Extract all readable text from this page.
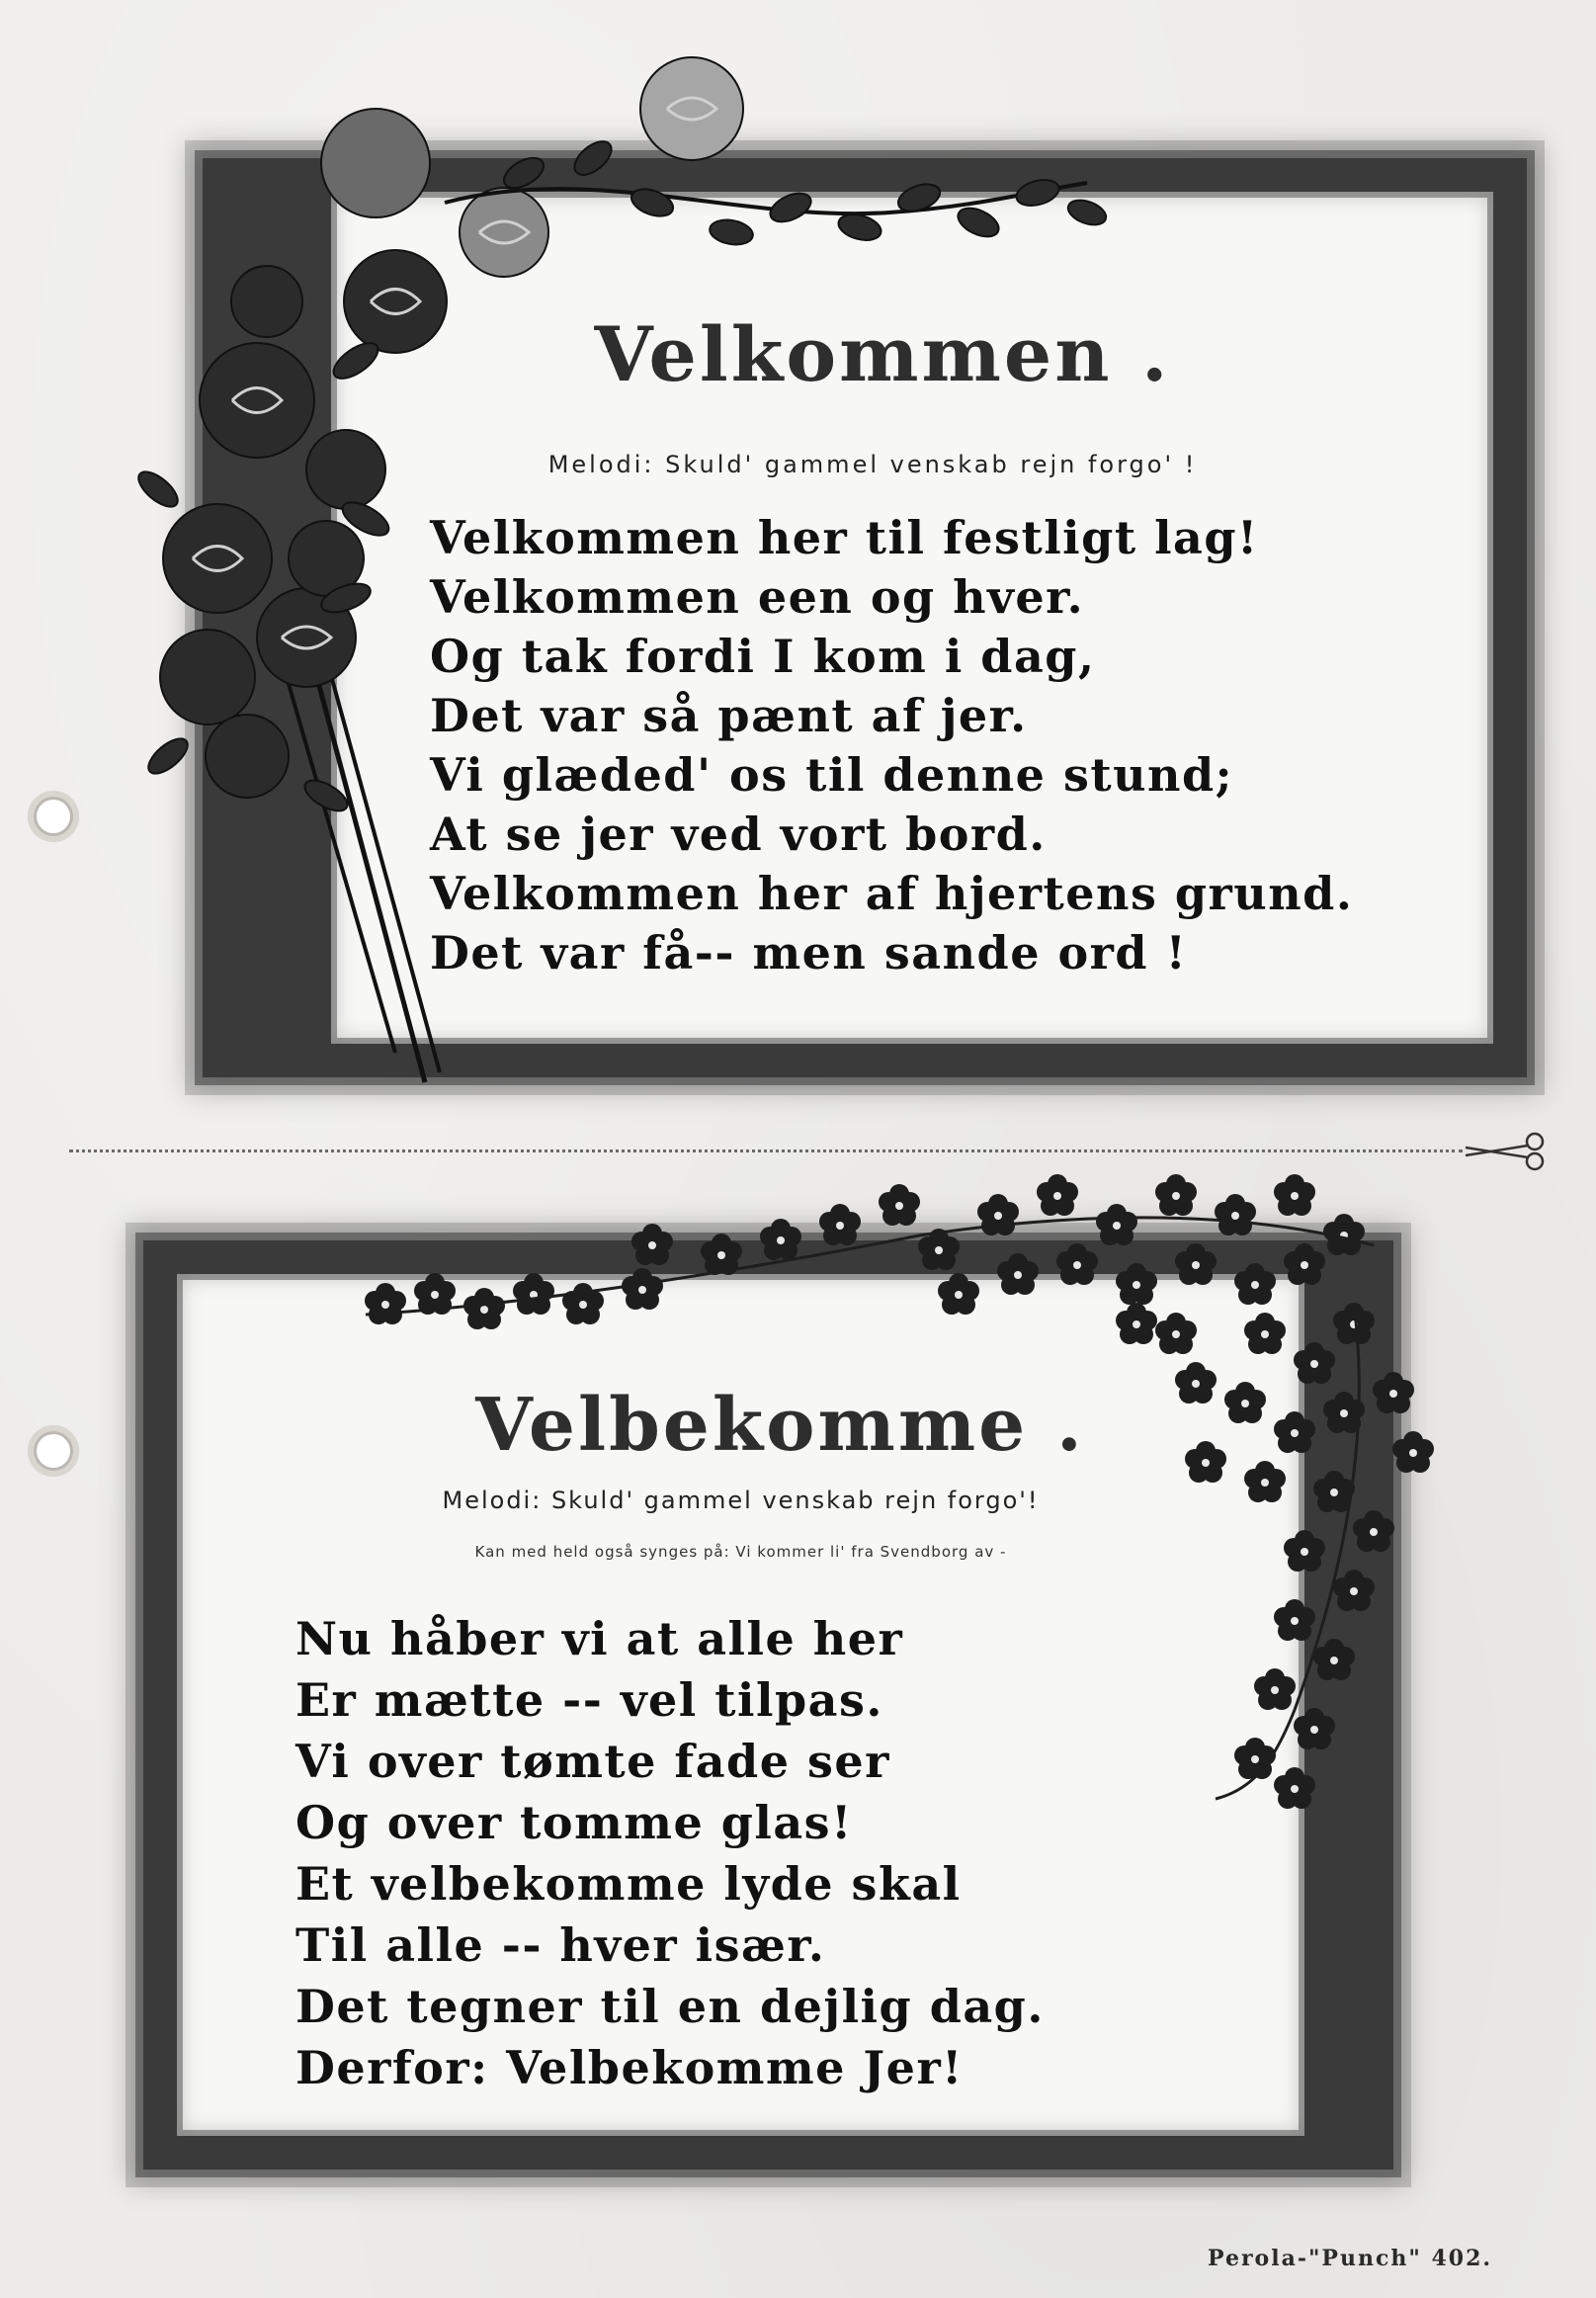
Velkommen .
Melodi: Skuld' gammel venskab rejn forgo' !

Velkommen her til festligt lag!

Velkommen een og hver.

Og tak fordi I kom i dag,

Det var så pænt af jer.

Vi glæded' os til denne stund;

At se jer ved vort bord.

Velkommen her af hjertens grund.

Det var få-- men sande ord !

Velbekomme .
Melodi: Skuld' gammel venskab rejn forgo'!
Kan med held også synges på: Vi kommer li' fra Svendborg av -

Nu håber vi at alle her

Er mætte -- vel tilpas.

Vi over tømte fade ser

Og over tomme glas!

Et velbekomme lyde skal

Til alle -- hver især.

Det tegner til en dejlig dag.

Derfor: Velbekomme Jer!

Perola-"Punch" 402.
